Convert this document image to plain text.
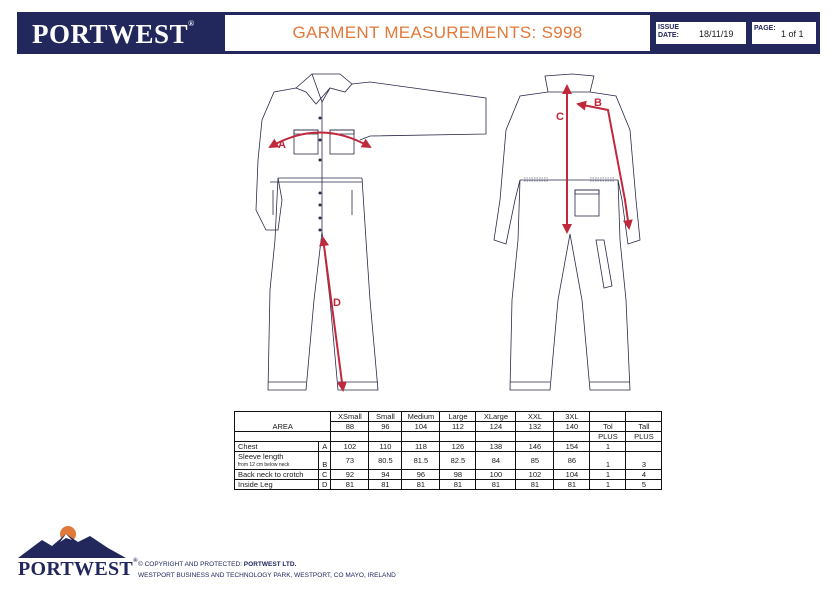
PORTWEST®	GARMENT MEASUREMENTS: S998	ISSUE
DATE: 18/11/19
PAGE:
1 of 1
A
B
C
D
AREA		XSmall	Small	Medium	Large	XLarge	XXL	3XL		
		88	96	104	112	124	132	140	Tol	Tall

									PLUS	PLUS
Chest	A	102	110	118	126	138	146	154	1	

Sleeve length
from 12 cm below neck	B	73	80.5	81.5	82.5	84	85	86	1	3
Back neck to crotch	C	92	94	96	98	100	102	104	1	4
Inside Leg	D	81	81	81	81	81	81	81	1	5
PORTWEST® © COPYRIGHT AND PROTECTED: PORTWEST LTD.
WESTPORT BUSINESS AND TECHNOLOGY PARK, WESTPORT, CO MAYO, IRELAND
